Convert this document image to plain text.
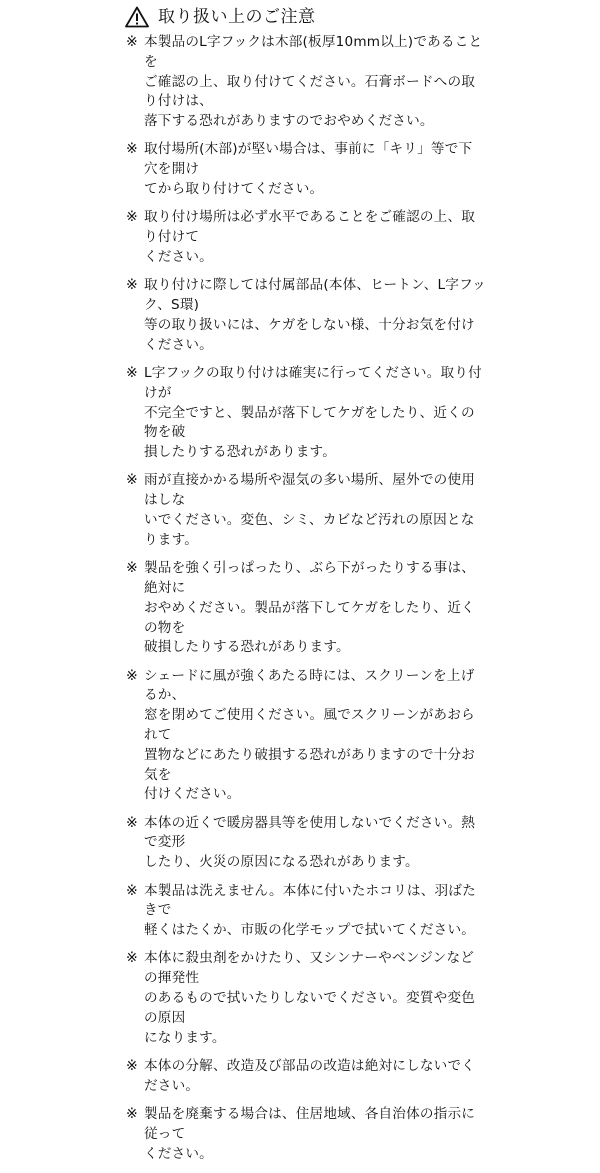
取り扱い上のご注意
※ 本製品のL字フックは木部(板厚10mm以上)であることを
ご確認の上、取り付けてください。石膏ボードへの取り付けは、
落下する恐れがありますのでおやめください。
※ 取付場所(木部)が堅い場合は、事前に「キリ」等で下穴を開け
てから取り付けてください。
※ 取り付け場所は必ず水平であることをご確認の上、取り付けて
ください。
※ 取り付けに際しては付属部品(本体、ヒートン、L字フック、S環)
等の取り扱いには、ケガをしない様、十分お気を付けください。
※ L字フックの取り付けは確実に行ってください。取り付けが
不完全ですと、製品が落下してケガをしたり、近くの物を破
損したりする恐れがあります。
※ 雨が直接かかる場所や湿気の多い場所、屋外での使用はしな
いでください。変色、シミ、カビなど汚れの原因となります。
※ 製品を強く引っぱったり、ぶら下がったりする事は、絶対に
おやめください。製品が落下してケガをしたり、近くの物を
破損したりする恐れがあります。
※ シェードに風が強くあたる時には、スクリーンを上げるか、
窓を閉めてご使用ください。風でスクリーンがあおられて
置物などにあたり破損する恐れがありますので十分お気を
付けください。
※ 本体の近くで暖房器具等を使用しないでください。熱で変形
したり、火災の原因になる恐れがあります。
※ 本製品は洗えません。本体に付いたホコリは、羽ばたきで
軽くはたくか、市販の化学モップで拭いてください。
※ 本体に殺虫剤をかけたり、又シンナーやベンジンなどの揮発性
のあるもので拭いたりしないでください。変質や変色の原因
になります。
※ 本体の分解、改造及び部品の改造は絶対にしないでください。
※ 製品を廃棄する場合は、住居地域、各自治体の指示に従って
ください。
